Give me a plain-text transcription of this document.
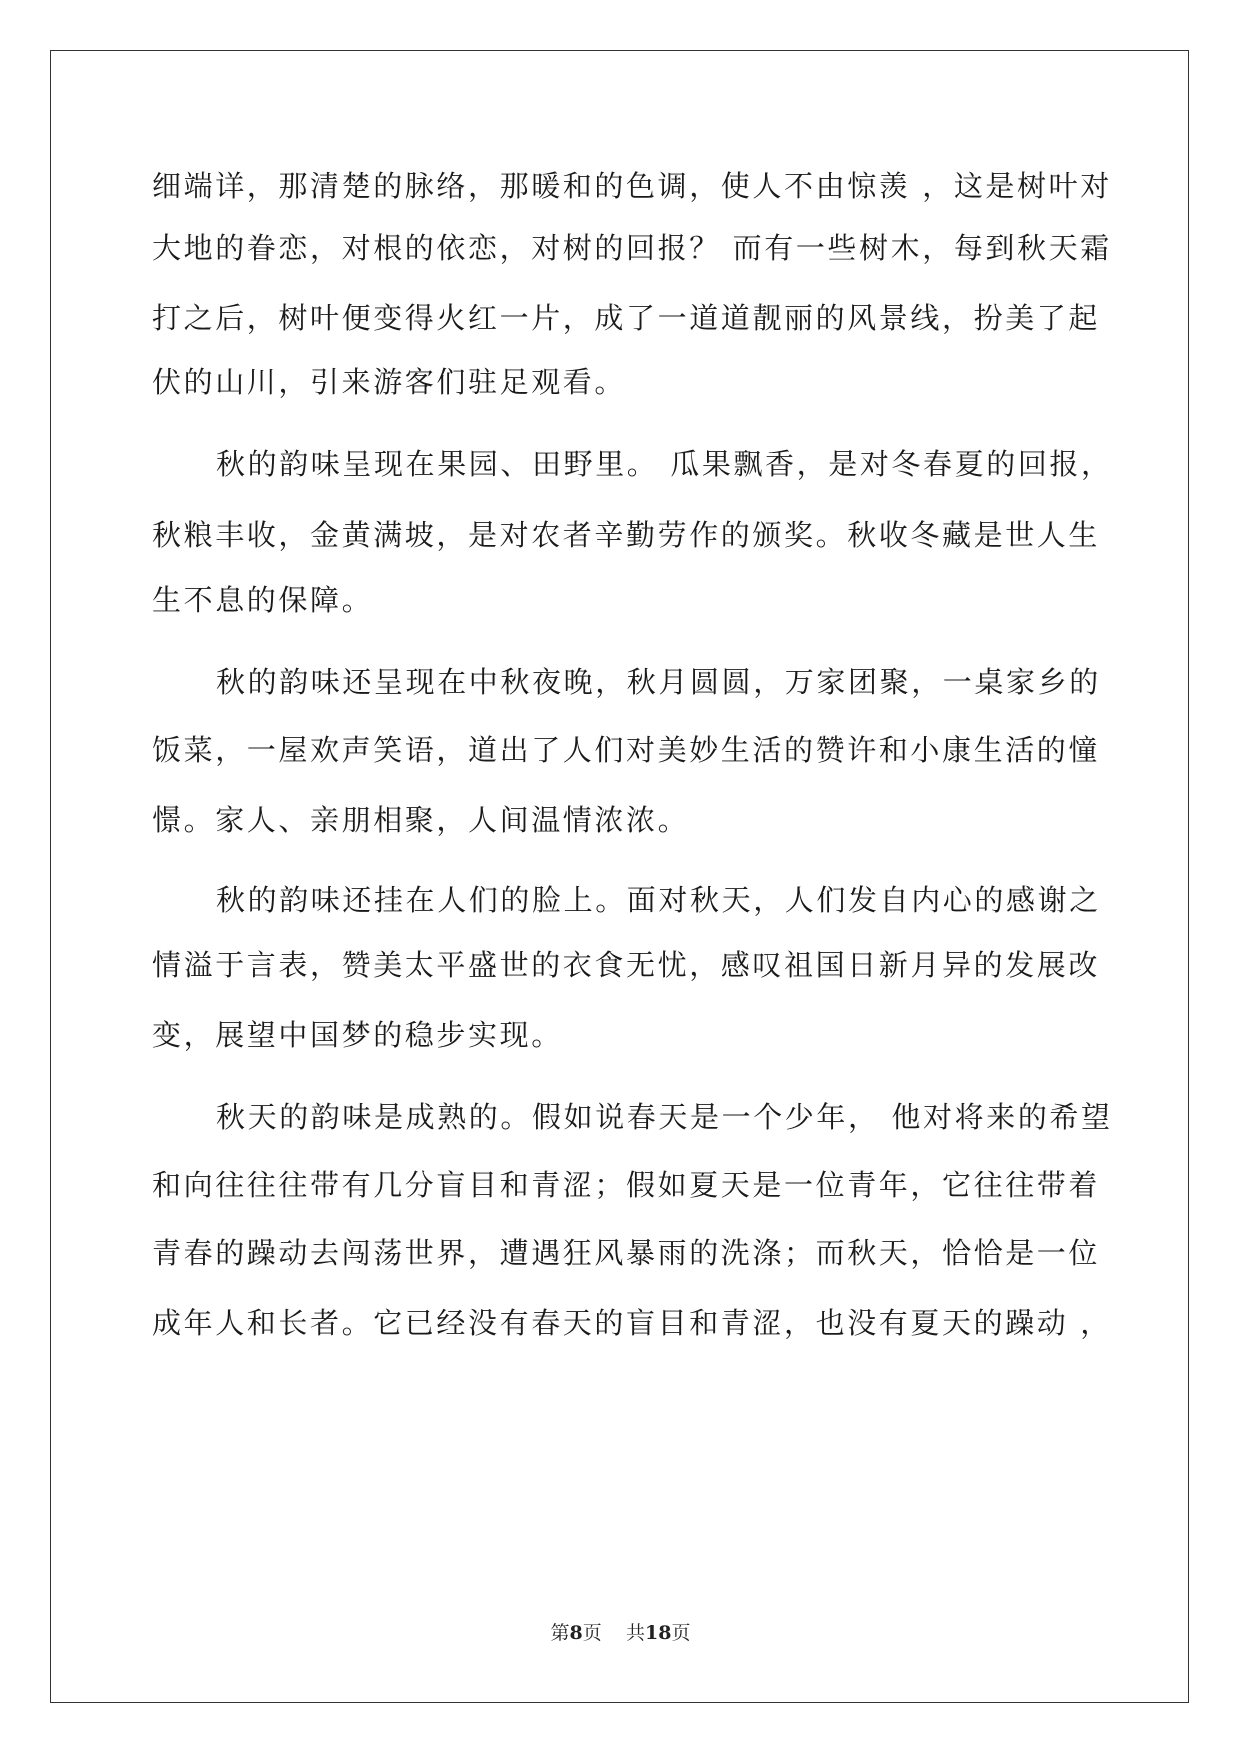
细端详，那清楚的脉络，那暖和的色调，使人不由惊羡 ，这是树叶对
大地的眷恋，对根的依恋，对树的回报？ 而有一些树木，每到秋天霜
打之后，树叶便变得火红一片，成了一道道靓丽的风景线，扮美了起
伏的山川，引来游客们驻足观看。
秋的韵味呈现在果园、田野里。 瓜果飘香，是对冬春夏的回报，
秋粮丰收，金黄满坡，是对农者辛勤劳作的颁奖。秋收冬藏是世人生
生不息的保障。
秋的韵味还呈现在中秋夜晚，秋月圆圆，万家团聚，一桌家乡的
饭菜，一屋欢声笑语，道出了人们对美妙生活的赞许和小康生活的憧
憬。家人、亲朋相聚，人间温情浓浓。
秋的韵味还挂在人们的脸上。面对秋天，人们发自内心的感谢之
情溢于言表，赞美太平盛世的衣食无忧，感叹祖国日新月异的发展改
变，展望中国梦的稳步实现。
秋天的韵味是成熟的。假如说春天是一个少年， 他对将来的希望
和向往往往带有几分盲目和青涩；假如夏天是一位青年，它往往带着
青春的躁动去闯荡世界，遭遇狂风暴雨的洗涤；而秋天，恰恰是一位
成年人和长者。它已经没有春天的盲目和青涩，也没有夏天的躁动 ，
第8页 共18页
